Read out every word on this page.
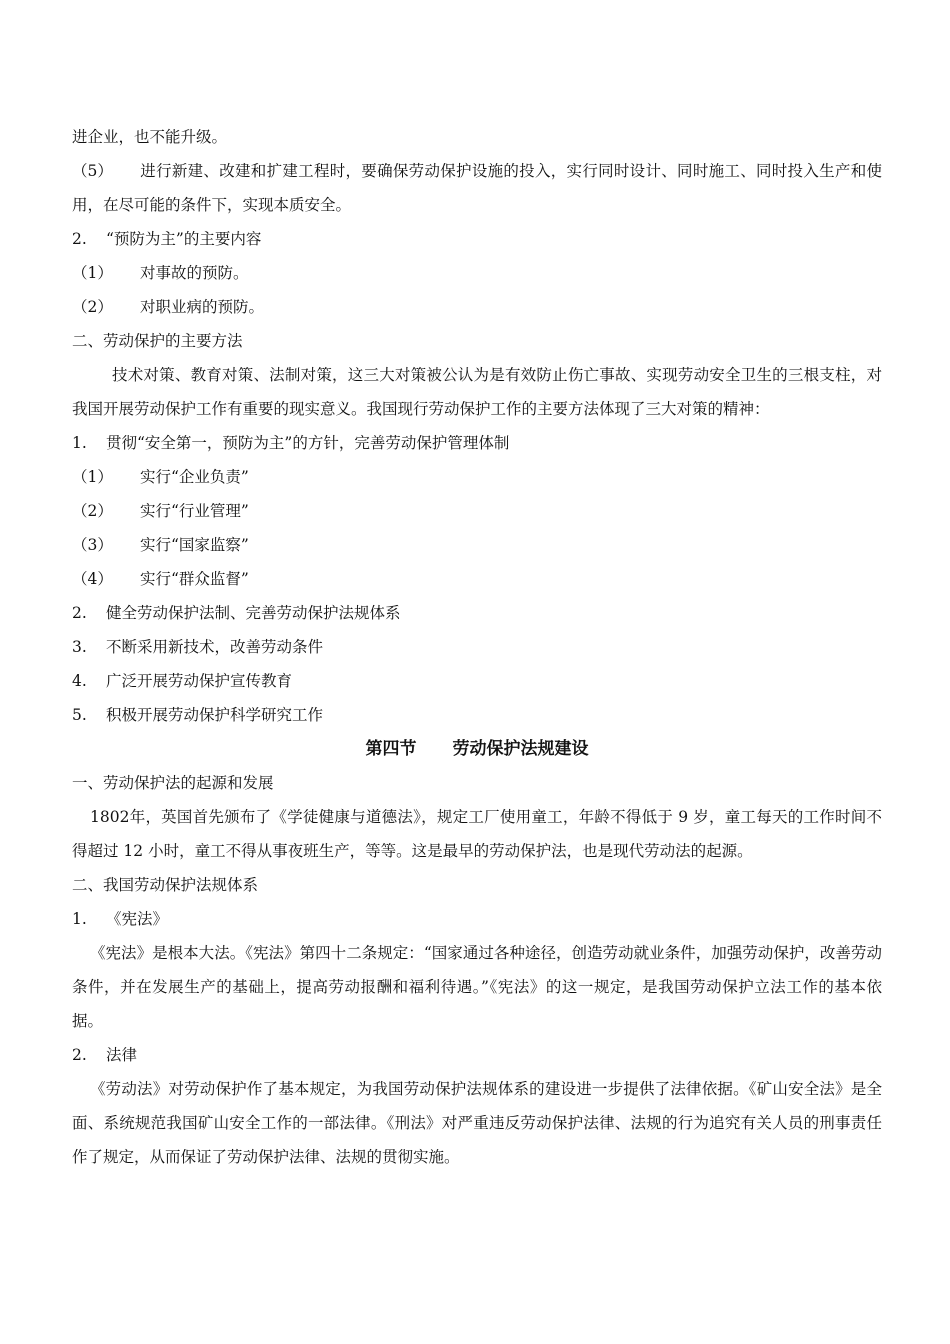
进企业，也不能升级。
（5） 进行新建、改建和扩建工程时，要确保劳动保护设施的投入，实行同时设计、同时施工、同时投入生产和使用，在尽可能的条件下，实现本质安全。
2. “预防为主”的主要内容
（1） 对事故的预防。
（2） 对职业病的预防。
二、劳动保护的主要方法
技术对策、教育对策、法制对策，这三大对策被公认为是有效防止伤亡事故、实现劳动安全卫生的三根支柱，对我国开展劳动保护工作有重要的现实意义。我国现行劳动保护工作的主要方法体现了三大对策的精神：
1. 贯彻“安全第一，预防为主”的方针，完善劳动保护管理体制
（1） 实行“企业负责”
（2） 实行“行业管理”
（3） 实行“国家监察”
（4） 实行“群众监督”
2. 健全劳动保护法制、完善劳动保护法规体系
3. 不断采用新技术，改善劳动条件
4. 广泛开展劳动保护宣传教育
5. 积极开展劳动保护科学研究工作
第四节 劳动保护法规建设
一、劳动保护法的起源和发展
1802年，英国首先颁布了《学徒健康与道德法》，规定工厂使用童工，年龄不得低于 9 岁，童工每天的工作时间不得超过 12 小时，童工不得从事夜班生产，等等。这是最早的劳动保护法，也是现代劳动法的起源。
二、我国劳动保护法规体系
1. 《宪法》
《宪法》是根本大法。《宪法》第四十二条规定：“国家通过各种途径，创造劳动就业条件，加强劳动保护，改善劳动条件，并在发展生产的基础上，提高劳动报酬和福利待遇。”《宪法》的这一规定，是我国劳动保护立法工作的基本依据。
2. 法律
《劳动法》对劳动保护作了基本规定，为我国劳动保护法规体系的建设进一步提供了法律依据。《矿山安全法》是全面、系统规范我国矿山安全工作的一部法律。《刑法》对严重违反劳动保护法律、法规的行为追究有关人员的刑事责任作了规定，从而保证了劳动保护法律、法规的贯彻实施。
